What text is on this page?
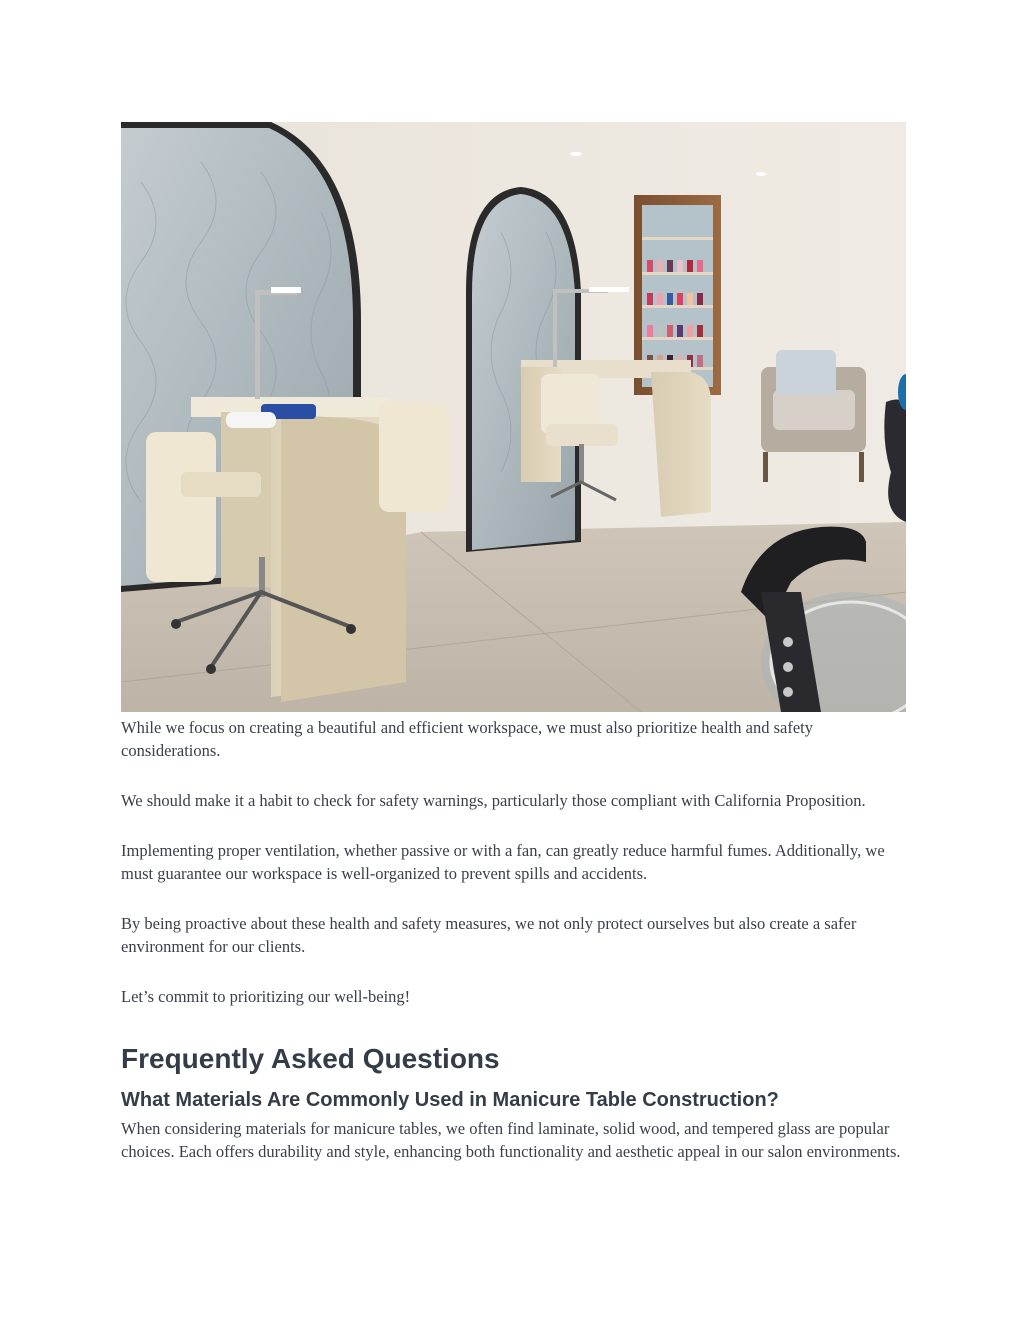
While we focus on creating a beautiful and efficient workspace, we must also prioritize health and safety considerations.

We should make it a habit to check for safety warnings, particularly those compliant with California Proposition.

Implementing proper ventilation, whether passive or with a fan, can greatly reduce harmful fumes. Additionally, we must guarantee our workspace is well-organized to prevent spills and accidents.

By being proactive about these health and safety measures, we not only protect ourselves but also create a safer environment for our clients.

Let’s commit to prioritizing our well-being!

Frequently Asked Questions
What Materials Are Commonly Used in Manicure Table Construction?

When considering materials for manicure tables, we often find laminate, solid wood, and tempered glass are popular choices. Each offers durability and style, enhancing both functionality and aesthetic appeal in our salon environments.
